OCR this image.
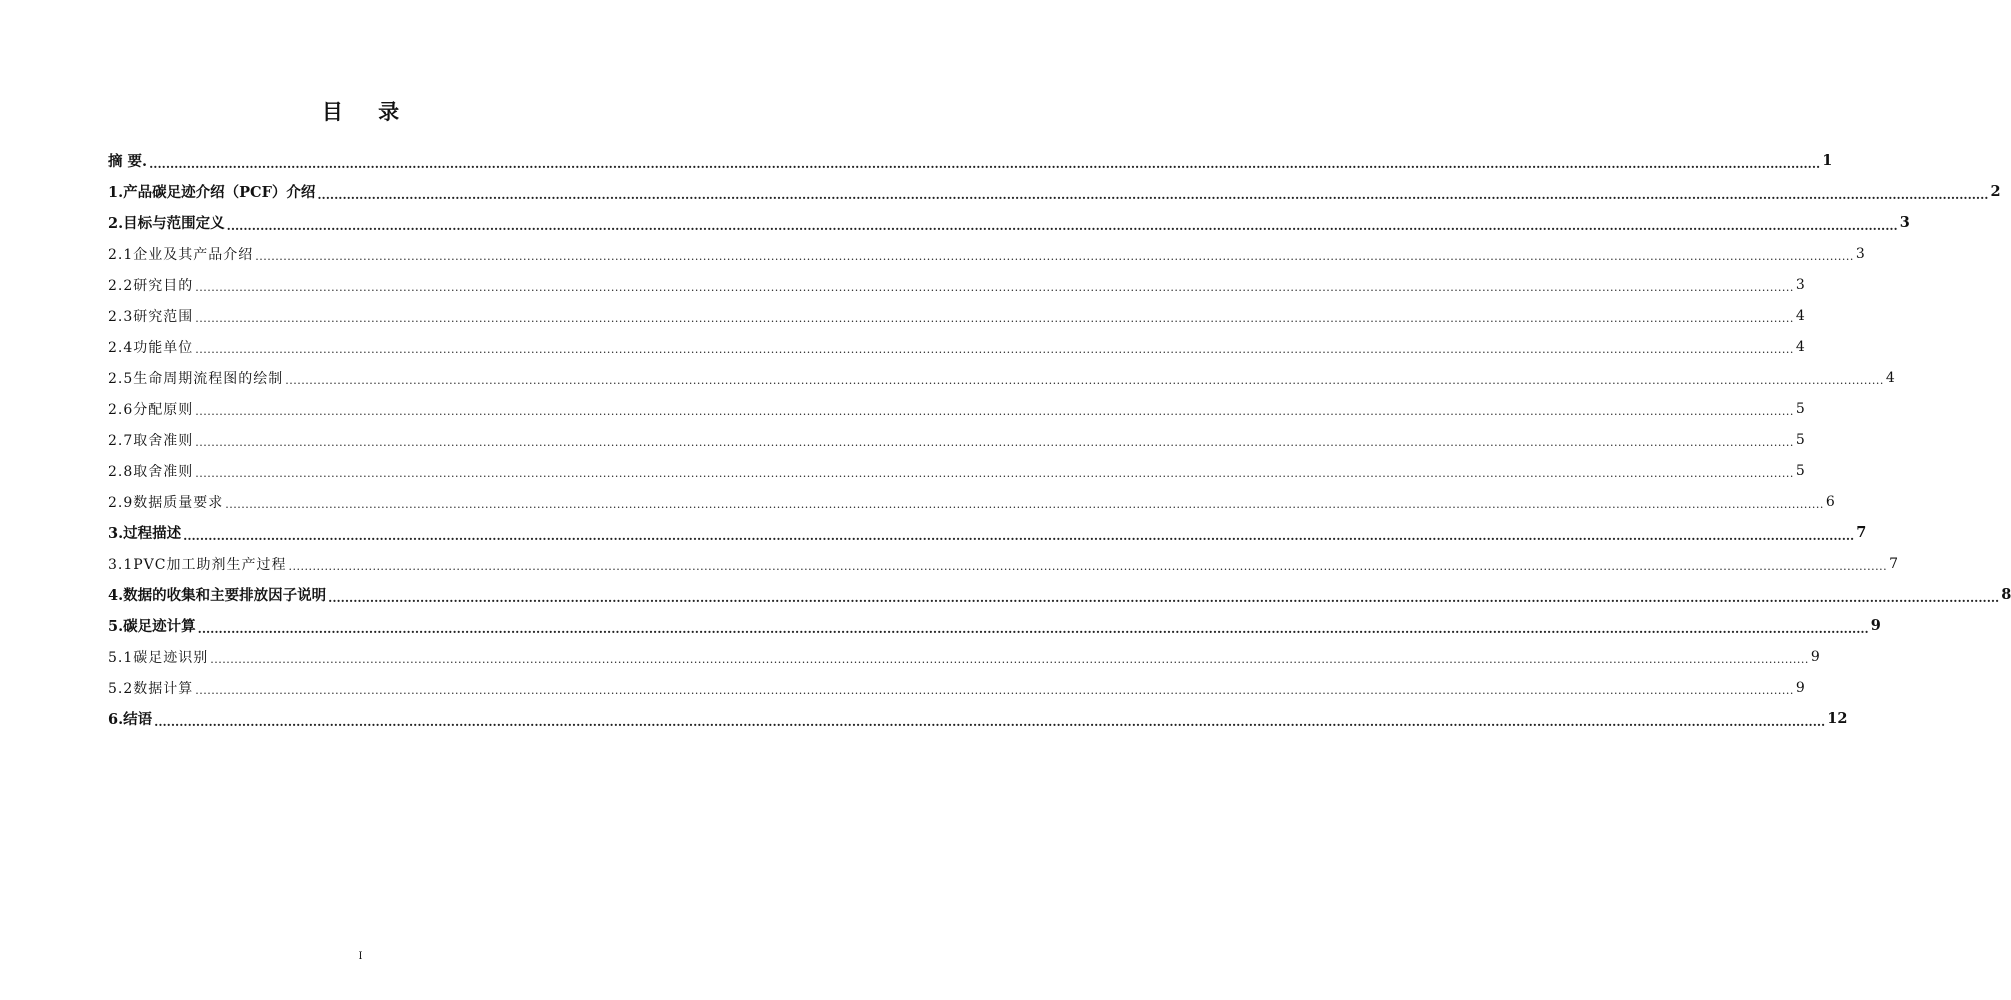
目 录
摘 要. ................................................................................................................................................................................................................................................................................................................................................................................................................ 1
1.产品碳足迹介绍（PCF）介绍 ................................................................................................................................................................................................................................................................................................................................................................................................................ 2
2.目标与范围定义 ................................................................................................................................................................................................................................................................................................................................................................................................................ 3
2.1企业及其产品介绍 ................................................................................................................................................................................................................................................................................................................................................................................................................ 3
2.2研究目的 ................................................................................................................................................................................................................................................................................................................................................................................................................ 3
2.3研究范围 ................................................................................................................................................................................................................................................................................................................................................................................................................ 4
2.4功能单位 ................................................................................................................................................................................................................................................................................................................................................................................................................ 4
2.5生命周期流程图的绘制 ................................................................................................................................................................................................................................................................................................................................................................................................................ 4
2.6分配原则 ................................................................................................................................................................................................................................................................................................................................................................................................................ 5
2.7取舍准则 ................................................................................................................................................................................................................................................................................................................................................................................................................ 5
2.8取舍准则 ................................................................................................................................................................................................................................................................................................................................................................................................................ 5
2.9数据质量要求 ................................................................................................................................................................................................................................................................................................................................................................................................................ 6
3.过程描述 ................................................................................................................................................................................................................................................................................................................................................................................................................ 7
3.1PVC加工助剂生产过程 ................................................................................................................................................................................................................................................................................................................................................................................................................ 7
4.数据的收集和主要排放因子说明 ................................................................................................................................................................................................................................................................................................................................................................................................................ 8
5.碳足迹计算 ................................................................................................................................................................................................................................................................................................................................................................................................................ 9
5.1碳足迹识别 ................................................................................................................................................................................................................................................................................................................................................................................................................ 9
5.2数据计算 ................................................................................................................................................................................................................................................................................................................................................................................................................ 9
6.结语 ................................................................................................................................................................................................................................................................................................................................................................................................................ 12
I
